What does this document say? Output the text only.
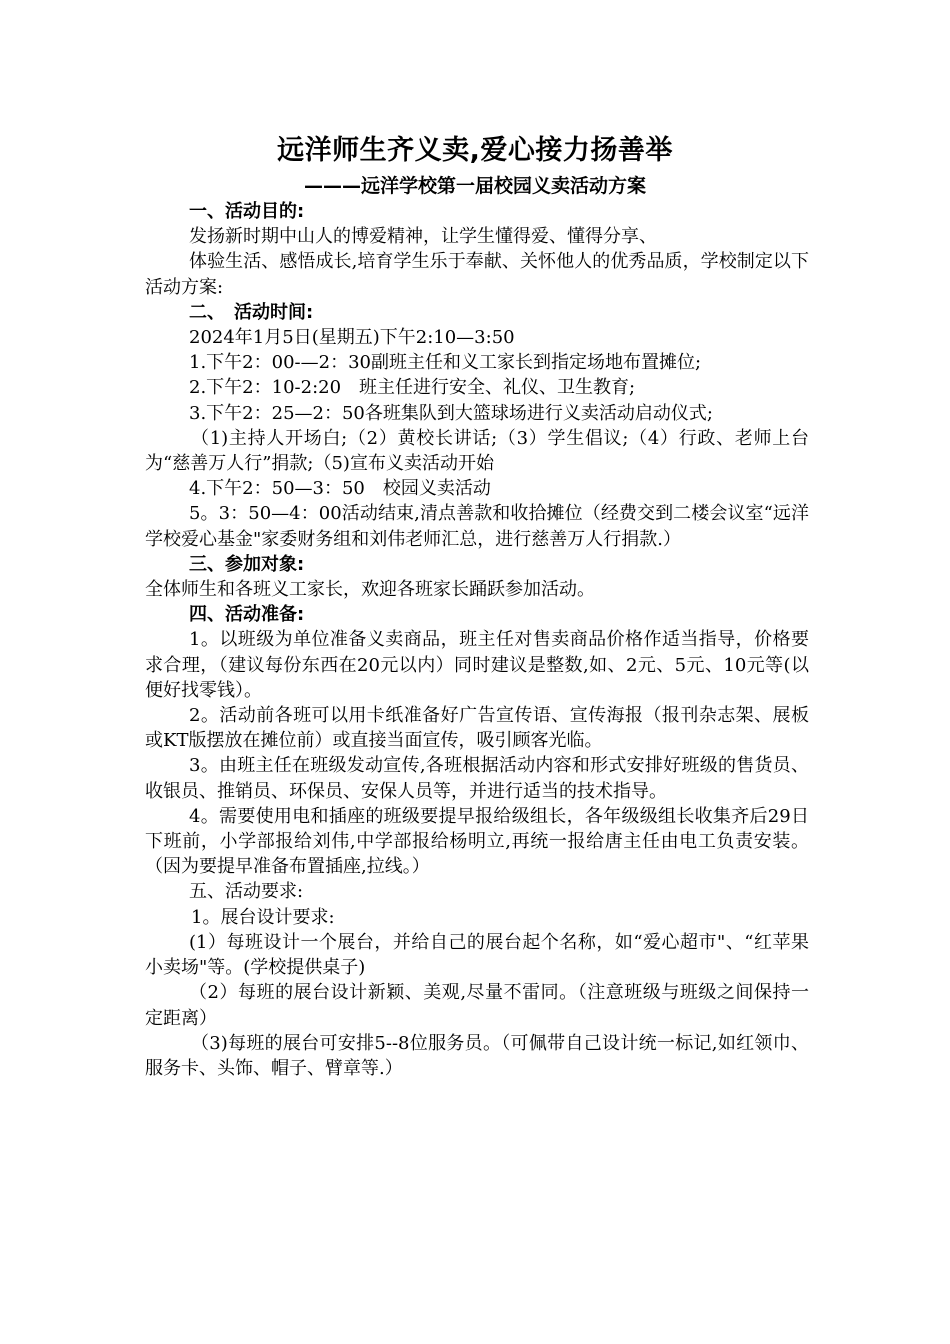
远洋师生齐义卖,爱心接力扬善举
———远洋学校第一届校园义卖活动方案
一、活动目的:

发扬新时期中山人的博爱精神，让学生懂得爱、懂得分享、

体验生活、感悟成长,培育学生乐于奉献、关怀他人的优秀品质，学校制定以下活动方案:

二、　活动时间:

2024年1月5日(星期五)下午2:10—3:50

1.下午2：00-—2：30副班主任和义工家长到指定场地布置摊位;

2.下午2：10-2:20　班主任进行安全、礼仪、卫生教育;

3.下午2：25—2：50各班集队到大篮球场进行义卖活动启动仪式;

（1)主持人开场白;（2）黄校长讲话;（3）学生倡议;（4）行政、老师上台为“慈善万人行”捐款;（5)宣布义卖活动开始

4.下午2：50—3：50　校园义卖活动

5。3：50—4：00活动结束,清点善款和收拾摊位（经费交到二楼会议室“远洋学校爱心基金"家委财务组和刘伟老师汇总，进行慈善万人行捐款.）

三、参加对象:

全体师生和各班义工家长，欢迎各班家长踊跃参加活动。

四、活动准备:

1。以班级为单位准备义卖商品，班主任对售卖商品价格作适当指导，价格要求合理，（建议每份东西在20元以内）同时建议是整数,如、2元、5元、10元等(以便好找零钱）。

2。活动前各班可以用卡纸准备好广告宣传语、宣传海报（报刊杂志架、展板或KT版摆放在摊位前）或直接当面宣传，吸引顾客光临。

3。由班主任在班级发动宣传,各班根据活动内容和形式安排好班级的售货员、收银员、推销员、环保员、安保人员等，并进行适当的技术指导。

4。需要使用电和插座的班级要提早报给级组长，各年级级组长收集齐后29日下班前，小学部报给刘伟,中学部报给杨明立,再统一报给唐主任由电工负责安装。（因为要提早准备布置插座,拉线。）

五、活动要求:

1。展台设计要求:

(1）每班设计一个展台，并给自己的展台起个名称，如“爱心超市"、“红苹果小卖场"等。(学校提供桌子)

（2）每班的展台设计新颖、美观,尽量不雷同。（注意班级与班级之间保持一定距离）

（3)每班的展台可安排5--8位服务员。（可佩带自己设计统一标记,如红领巾、服务卡、头饰、帽子、臂章等.）
